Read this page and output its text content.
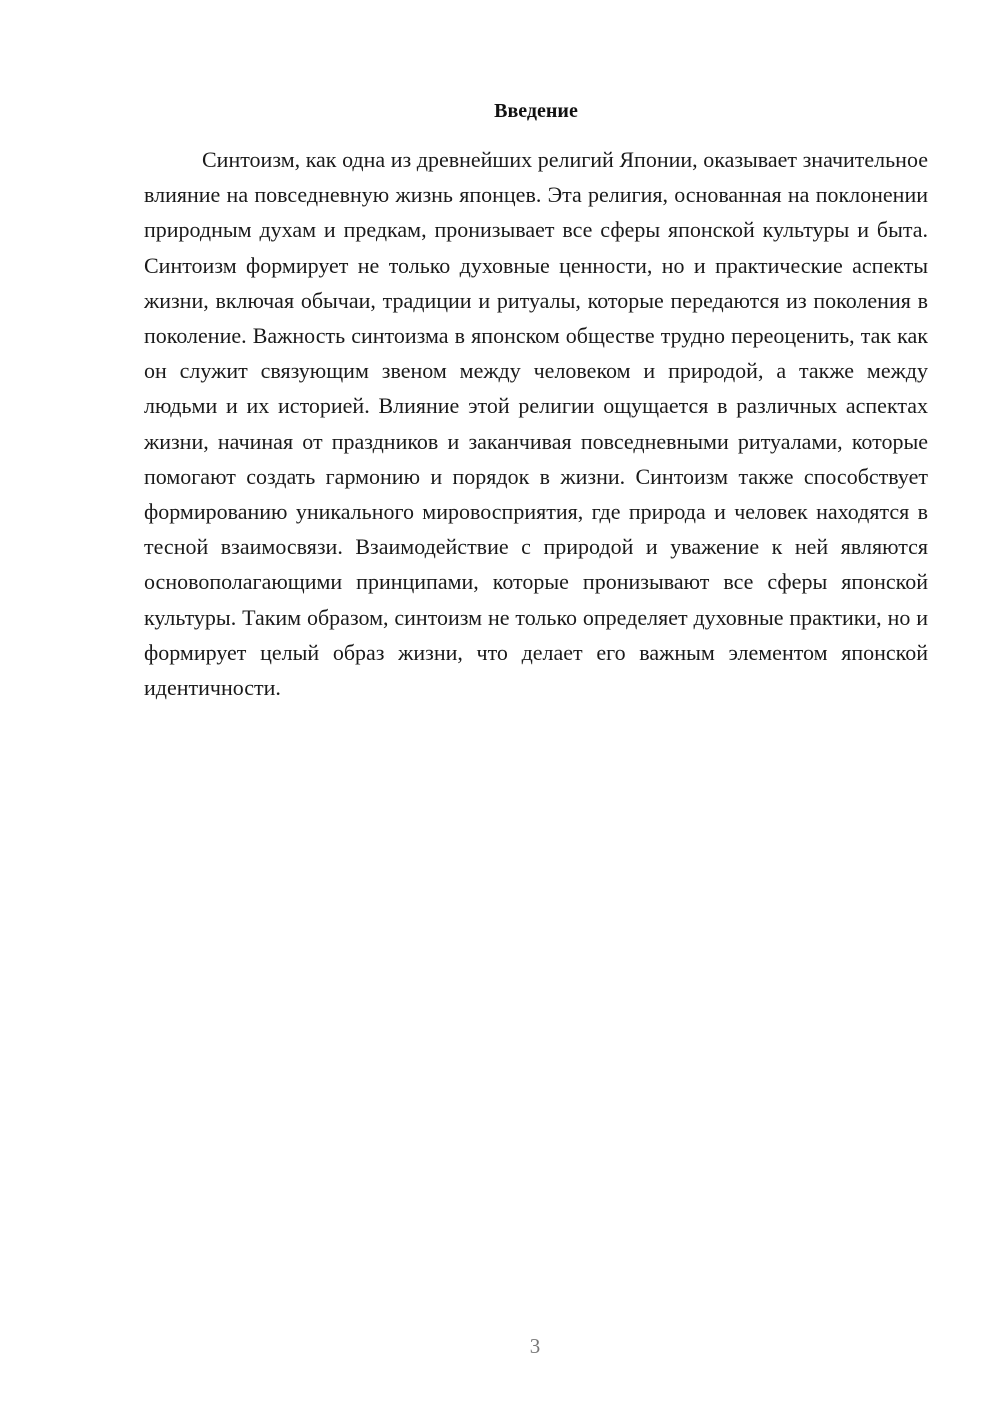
Введение

Синтоизм, как одна из древнейших религий Японии, оказывает значительное влияние на повседневную жизнь японцев. Эта религия, основанная на поклонении природным духам и предкам, пронизывает все сферы японской культуры и быта. Синтоизм формирует не только духовные ценности, но и практические аспекты жизни, включая обычаи, традиции и ритуалы, которые передаются из поколения в поколение. Важность синтоизма в японском обществе трудно переоценить, так как он служит связующим звеном между человеком и природой, а также между людьми и их историей. Влияние этой религии ощущается в различных аспектах жизни, начиная от праздников и заканчивая повседневными ритуалами, которые помогают создать гармонию и порядок в жизни. Синтоизм также способствует формированию уникального мировосприятия, где природа и человек находятся в тесной взаимосвязи. Взаимодействие с природой и уважение к ней являются основополагающими принципами, которые пронизывают все сферы японской культуры. Таким образом, синтоизм не только определяет духовные практики, но и формирует целый образ жизни, что делает его важным элементом японской идентичности.

3
